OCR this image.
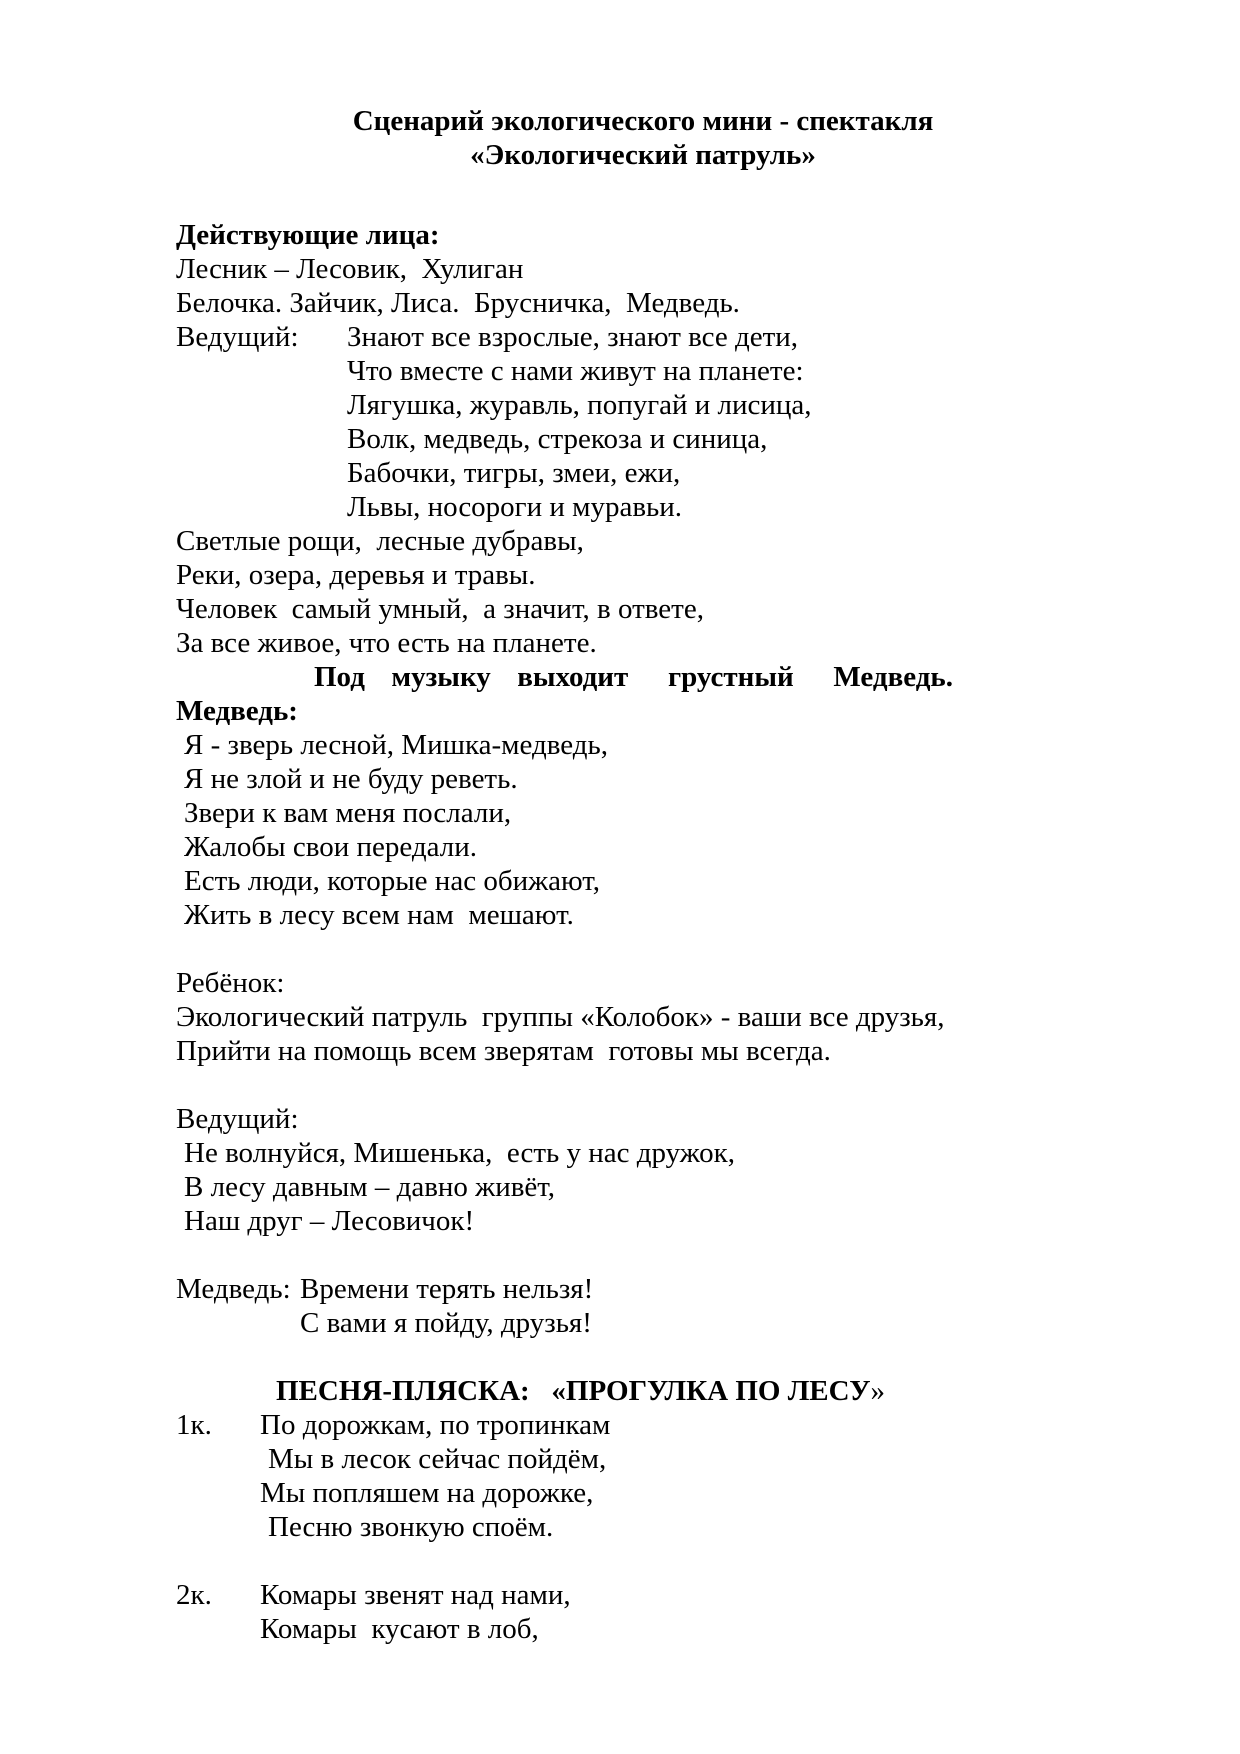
Сценарий экологического мини - спектакля
«Экологический патруль»
Действующие лица:
Лесник – Лесовик,  Хулиган
Белочка. Зайчик, Лиса.  Брусничка,  Медведь.
Ведущий:	Знают все взрослые, знают все дети,
Что вместе с нами живут на планете:
Лягушка, журавль, попугай и лисица,
Волк, медведь, стрекоза и синица,
Бабочки, тигры, змеи, ежи,
Львы, носороги и муравьи.
Светлые рощи,  лесные дубравы,
Реки, озера, деревья и травы.
Человек  самый умный,  а значит, в ответе,
За все живое, что есть на планете.
Под  музыку  выходит   грустный   Медведь.
Медведь:
Я - зверь лесной, Мишка-медведь,
Я не злой и не буду реветь.
Звери к вам меня послали,
Жалобы свои передали.
Есть люди, которые нас обижают,
Жить в лесу всем нам  мешают.
Ребёнок:
Экологический патруль  группы «Колобок» - ваши все друзья,
Прийти на помощь всем зверятам  готовы мы всегда.
Ведущий:
Не волнуйся, Мишенька,  есть у нас дружок,
В лесу давным – давно живёт,
Наш друг – Лесовичок!
Медведь: Времени терять нельзя!
С вами я пойду, друзья!
ПЕСНЯ-ПЛЯСКА:   «ПРОГУЛКА ПО ЛЕСУ»
1к.	По дорожкам, по тропинкам
Мы в лесок сейчас пойдём,
Мы попляшем на дорожке,
Песню звонкую споём.
2к.	Комары звенят над нами,
Комары  кусают в лоб,
